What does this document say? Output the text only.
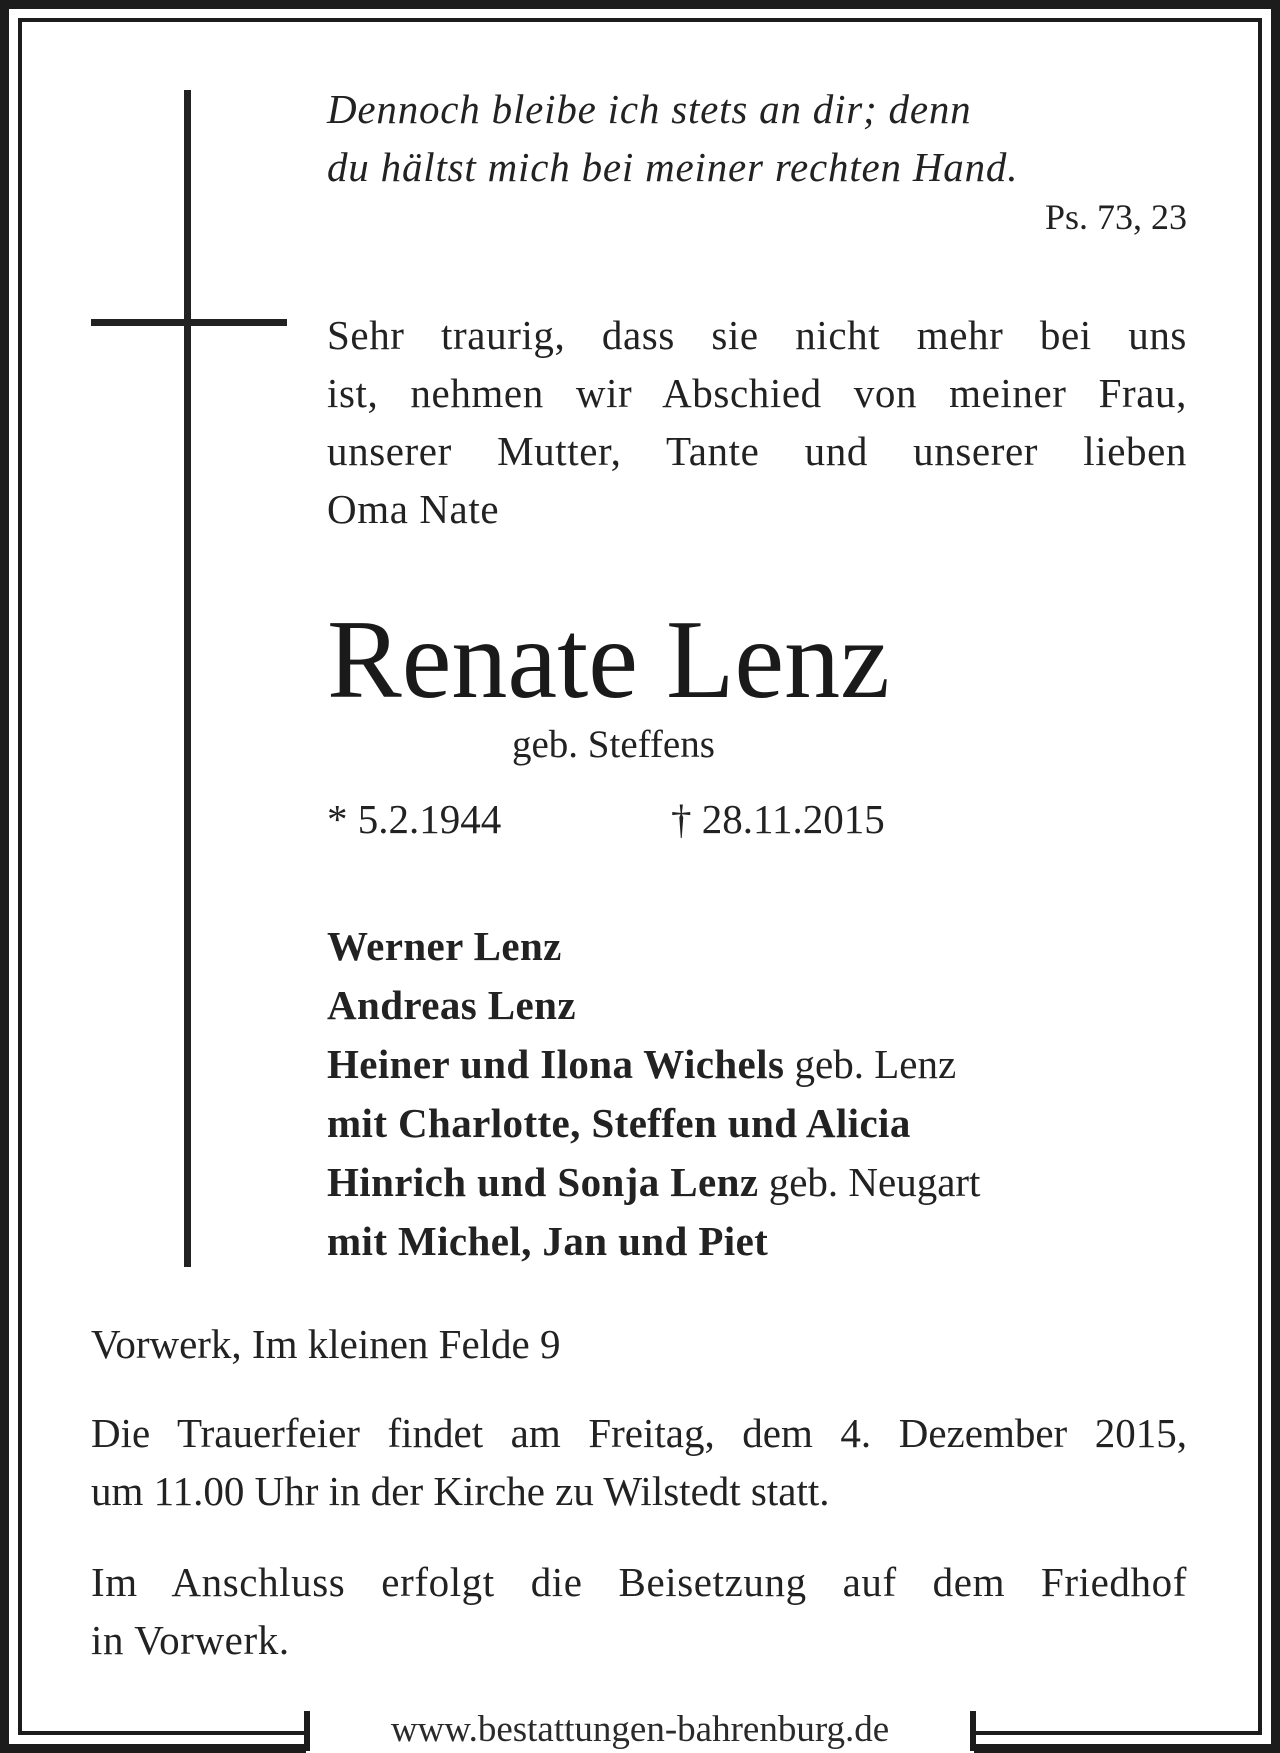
Dennoch bleibe ich stets an dir; denn
du hältst mich bei meiner rechten Hand.
Ps. 73, 23
Sehr traurig, dass sie nicht mehr bei uns
ist, nehmen wir Abschied von meiner Frau,
unserer Mutter, Tante und unserer lieben
Oma Nate
Renate Lenz
geb. Steffens
* 5.2.1944	† 28.11.2015
Werner Lenz
Andreas Lenz
Heiner und Ilona Wichels geb. Lenz
mit Charlotte, Steffen und Alicia
Hinrich und Sonja Lenz geb. Neugart
mit Michel, Jan und Piet
Vorwerk, Im kleinen Felde 9
Die Trauerfeier findet am Freitag, dem 4. Dezember 2015,
um 11.00 Uhr in der Kirche zu Wilstedt statt.
Im Anschluss erfolgt die Beisetzung auf dem Friedhof
in Vorwerk.
www.bestattungen-bahrenburg.de
